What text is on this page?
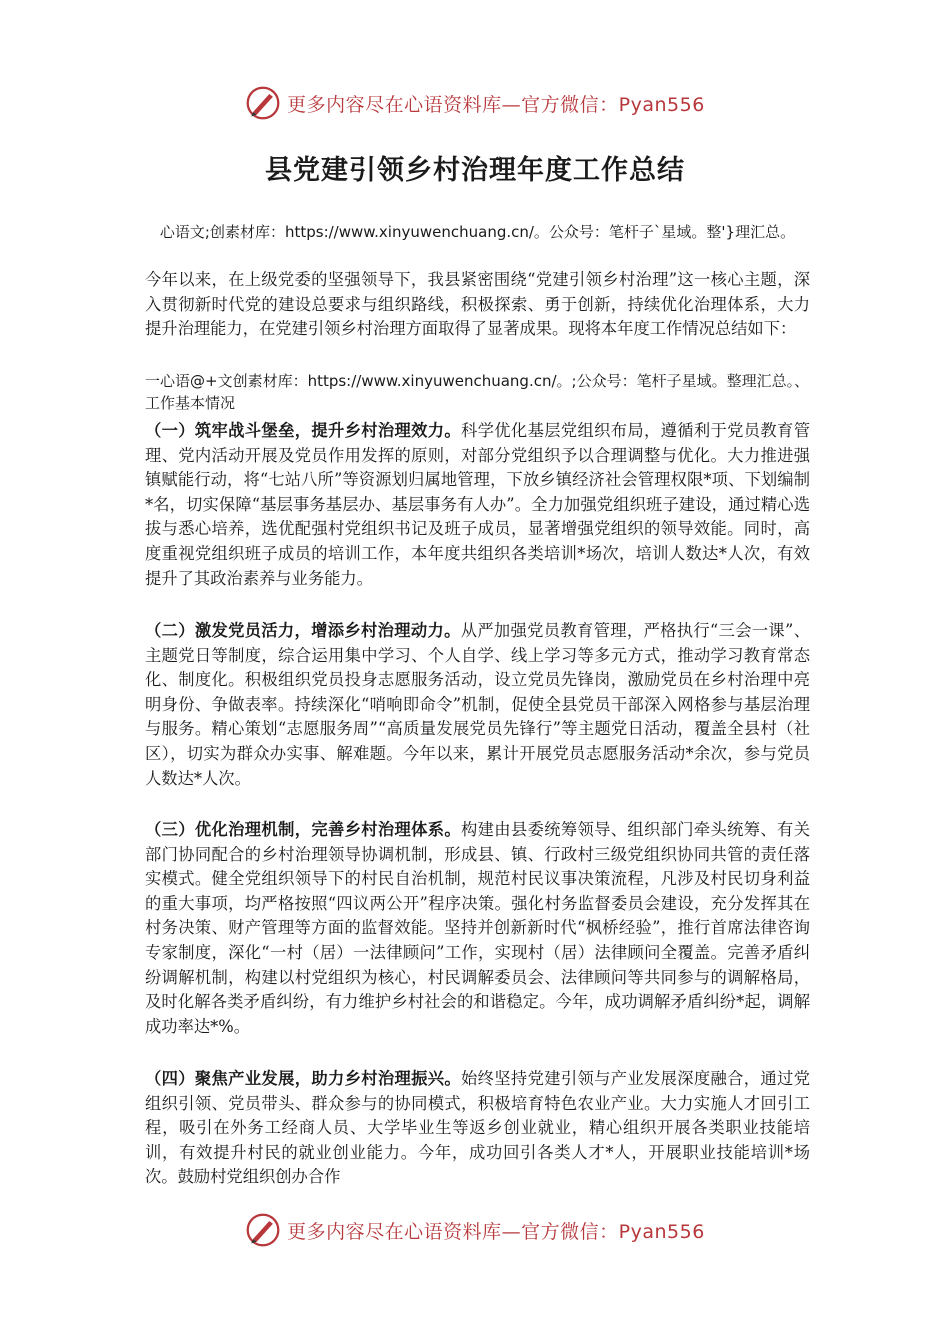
更多内容尽在心语资料库—官方微信：Pyan556
县党建引领乡村治理年度工作总结
心语文;创素材库：https://www.xinyuwenchuang.cn/。公众号：笔杆子`星域。整'}理汇总。

今年以来，在上级党委的坚强领导下，我县紧密围绕“党建引领乡村治理”这一核心主题，深入贯彻新时代党的建设总要求与组织路线，积极探索、勇于创新，持续优化治理体系，大力提升治理能力，在党建引领乡村治理方面取得了显著成果。现将本年度工作情况总结如下：

一心语@+文创素材库：https://www.xinyuwenchuang.cn/。;公众号：笔杆子星域。整理汇总。、工作基本情况

（一）筑牢战斗堡垒，提升乡村治理效力。科学优化基层党组织布局，遵循利于党员教育管理、党内活动开展及党员作用发挥的原则，对部分党组织予以合理调整与优化。大力推进强镇赋能行动，将“七站八所”等资源划归属地管理，下放乡镇经济社会管理权限*项、下划编制*名，切实保障“基层事务基层办、基层事务有人办”。全力加强党组织班子建设，通过精心选拔与悉心培养，选优配强村党组织书记及班子成员，显著增强党组织的领导效能。同时，高度重视党组织班子成员的培训工作，本年度共组织各类培训*场次，培训人数达*人次，有效提升了其政治素养与业务能力。

（二）激发党员活力，增添乡村治理动力。从严加强党员教育管理，严格执行“三会一课”、主题党日等制度，综合运用集中学习、个人自学、线上学习等多元方式，推动学习教育常态化、制度化。积极组织党员投身志愿服务活动，设立党员先锋岗，激励党员在乡村治理中亮明身份、争做表率。持续深化“哨响即命令”机制，促使全县党员干部深入网格参与基层治理与服务。精心策划“志愿服务周”“高质量发展党员先锋行”等主题党日活动，覆盖全县村（社区），切实为群众办实事、解难题。今年以来，累计开展党员志愿服务活动*余次，参与党员人数达*人次。

（三）优化治理机制，完善乡村治理体系。构建由县委统筹领导、组织部门牵头统筹、有关部门协同配合的乡村治理领导协调机制，形成县、镇、行政村三级党组织协同共管的责任落实模式。健全党组织领导下的村民自治机制，规范村民议事决策流程，凡涉及村民切身利益的重大事项，均严格按照“四议两公开”程序决策。强化村务监督委员会建设，充分发挥其在村务决策、财产管理等方面的监督效能。坚持并创新新时代“枫桥经验”，推行首席法律咨询专家制度，深化“一村（居）一法律顾问”工作，实现村（居）法律顾问全覆盖。完善矛盾纠纷调解机制，构建以村党组织为核心，村民调解委员会、法律顾问等共同参与的调解格局，及时化解各类矛盾纠纷，有力维护乡村社会的和谐稳定。今年，成功调解矛盾纠纷*起，调解成功率达*%。

（四）聚焦产业发展，助力乡村治理振兴。始终坚持党建引领与产业发展深度融合，通过党组织引领、党员带头、群众参与的协同模式，积极培育特色农业产业。大力实施人才回引工程，吸引在外务工经商人员、大学毕业生等返乡创业就业，精心组织开展各类职业技能培训，有效提升村民的就业创业能力。今年，成功回引各类人才*人，开展职业技能培训*场次。鼓励村党组织创办合作

更多内容尽在心语资料库—官方微信：Pyan556
